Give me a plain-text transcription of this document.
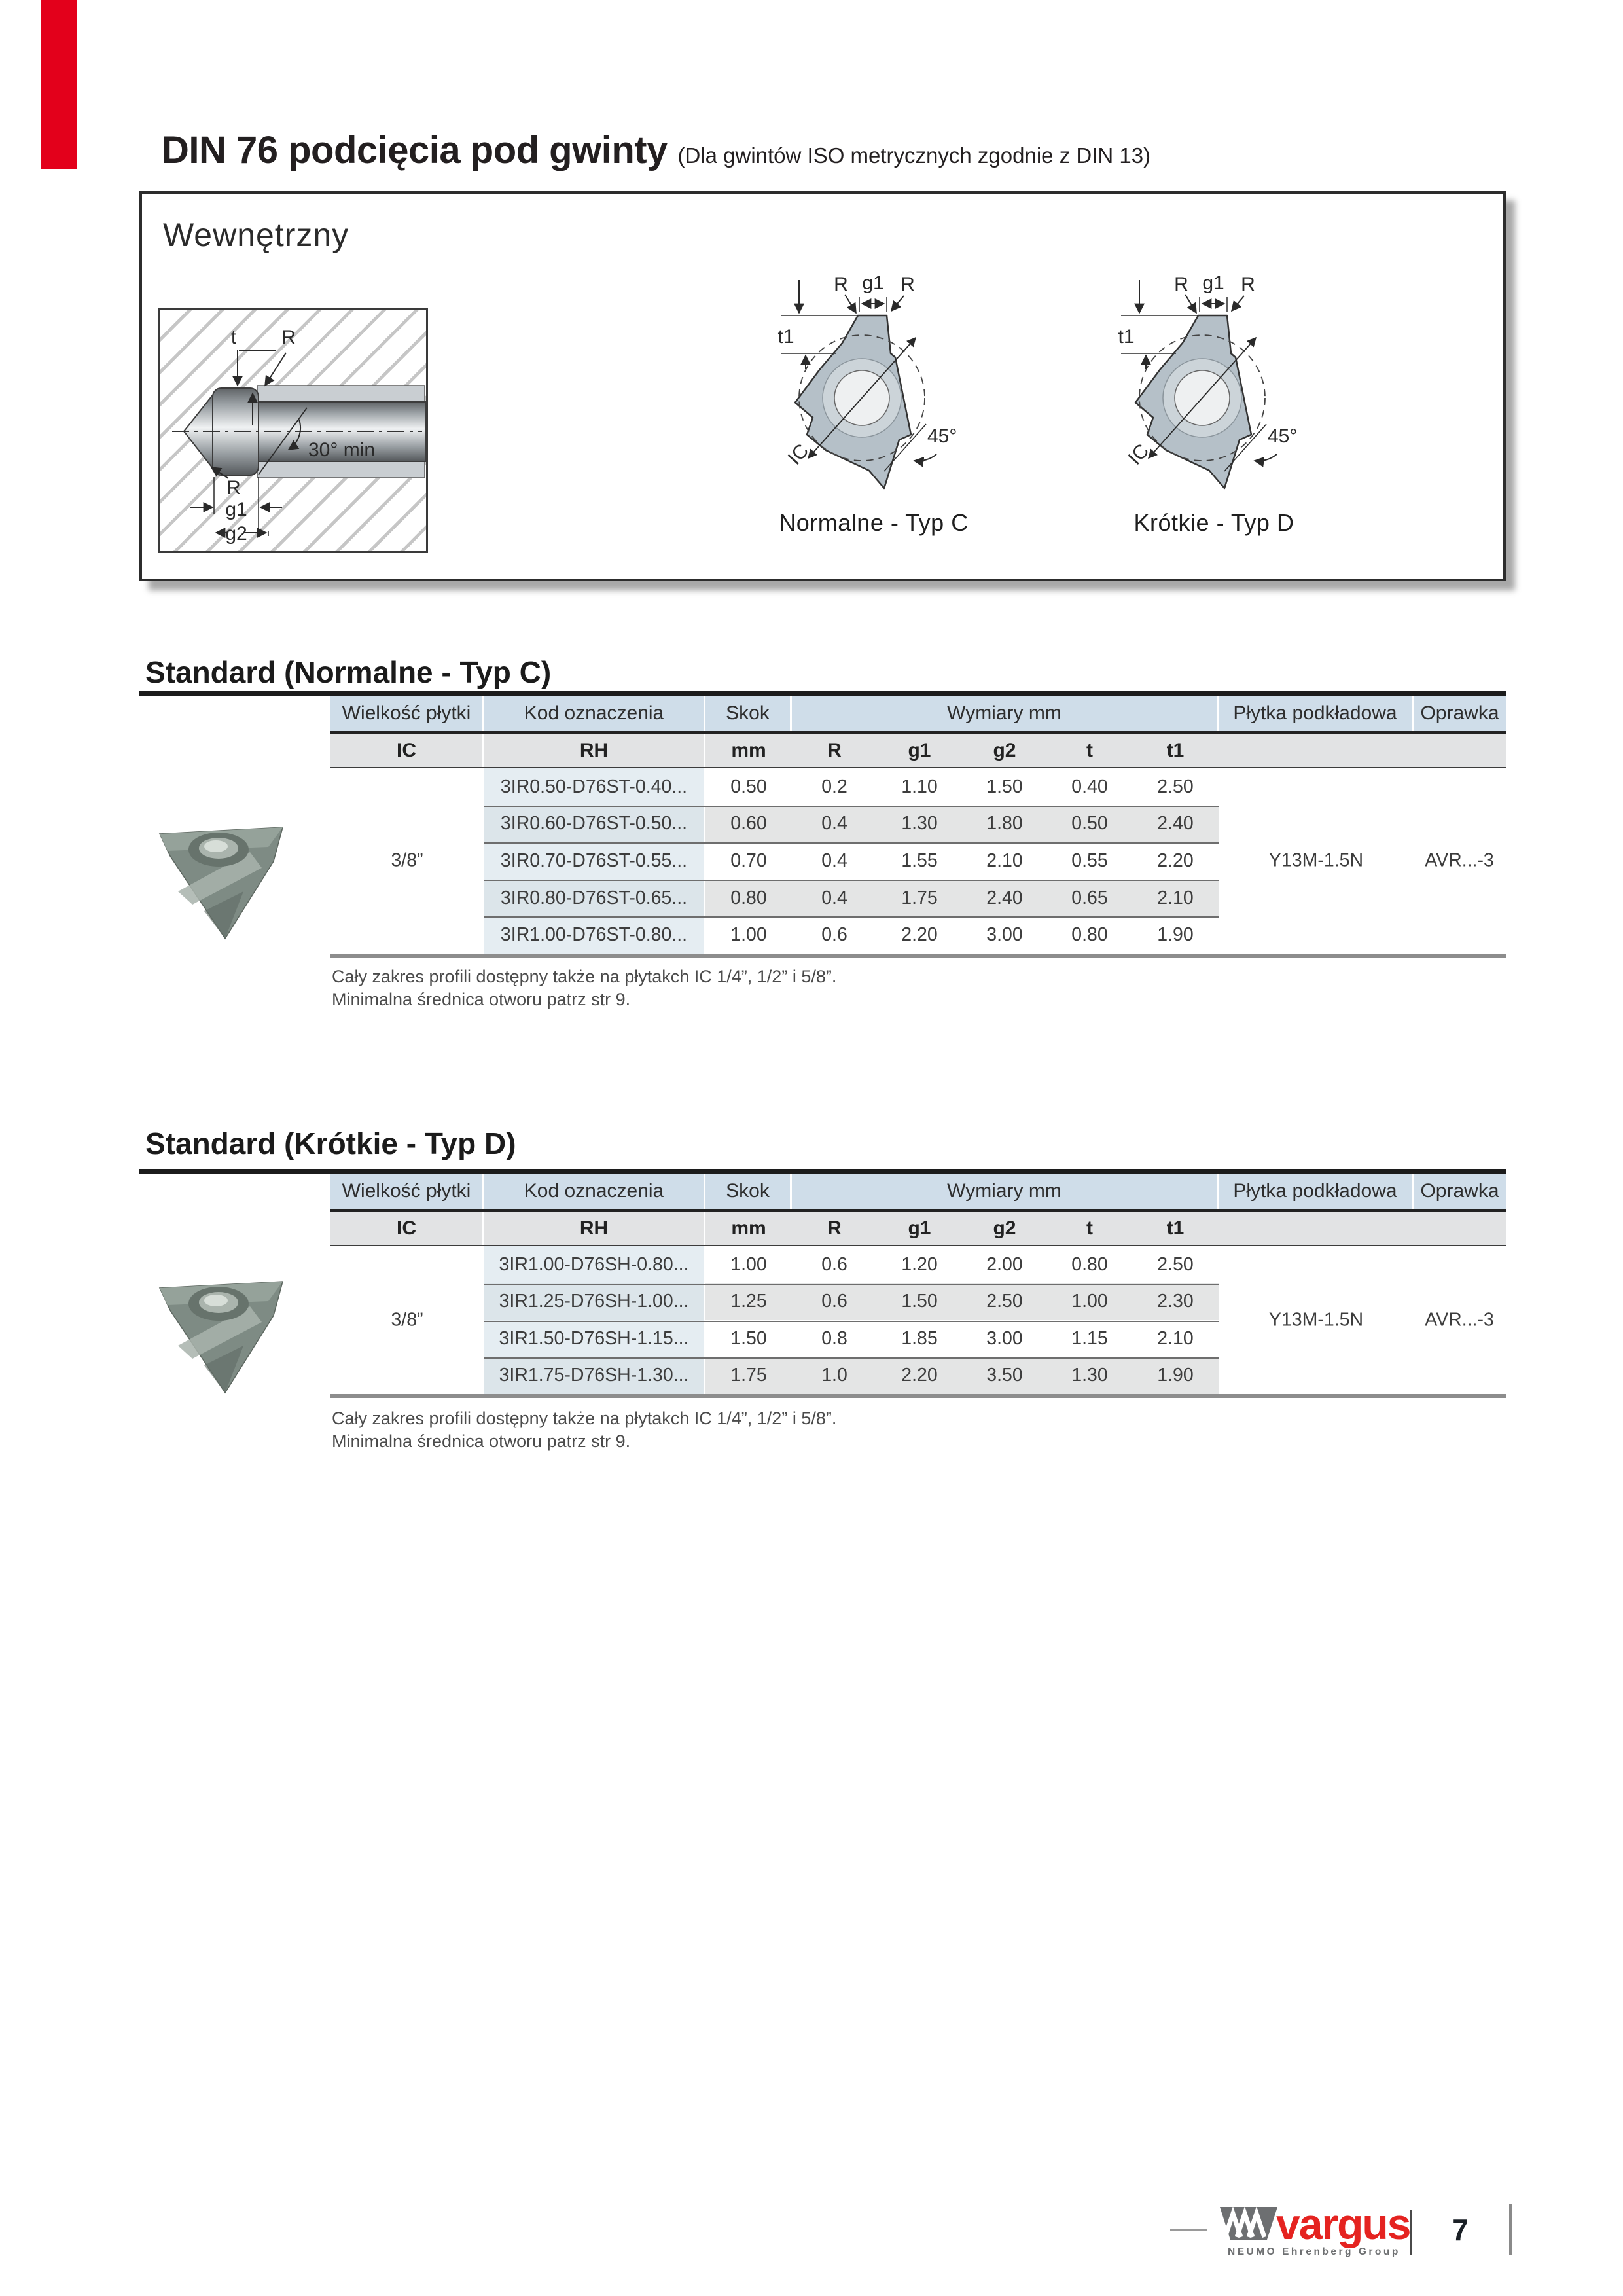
DIN 76 podcięcia pod gwinty (Dla gwintów ISO metrycznych zgodnie z DIN 13)
Wewnętrzny
t R
R
30° min
g1
g2
R g1 R
t1
45°
IC
Normalne - Typ C
R g1 R
t1
45°
IC
Krótkie - Typ D
Standard (Normalne - Typ C)
Wielkość płytki	Kod oznaczenia	Skok	Wymiary mm	Płytka podkładowa	Oprawka
IC	RH	mm	R	g1	g2	t	t1
3IR0.50-D76ST-0.40...	0.50	0.2	1.10	1.50	0.40	2.50
3IR0.60-D76ST-0.50...	0.60	0.4	1.30	1.80	0.50	2.40
3IR0.70-D76ST-0.55...	0.70	0.4	1.55	2.10	0.55	2.20
3IR0.80-D76ST-0.65...	0.80	0.4	1.75	2.40	0.65	2.10
3IR1.00-D76ST-0.80...	1.00	0.6	2.20	3.00	0.80	1.90
3/8”	Y13M-1.5N	AVR...-3
Cały zakres profili dostępny także na płytakch IC 1/4”, 1/2” i 5/8”.
Minimalna średnica otworu patrz str 9.
Standard (Krótkie - Typ D)
Wielkość płytki	Kod oznaczenia	Skok	Wymiary mm	Płytka podkładowa	Oprawka
IC	RH	mm	R	g1	g2	t	t1
3IR1.00-D76SH-0.80...	1.00	0.6	1.20	2.00	0.80	2.50
3IR1.25-D76SH-1.00...	1.25	0.6	1.50	2.50	1.00	2.30
3IR1.50-D76SH-1.15...	1.50	0.8	1.85	3.00	1.15	2.10
3IR1.75-D76SH-1.30...	1.75	1.0	2.20	3.50	1.30	1.90
3/8”	Y13M-1.5N	AVR...-3
Cały zakres profili dostępny także na płytakch IC 1/4”, 1/2” i 5/8”.
Minimalna średnica otworu patrz str 9.
vargus
NEUMO Ehrenberg Group
7
